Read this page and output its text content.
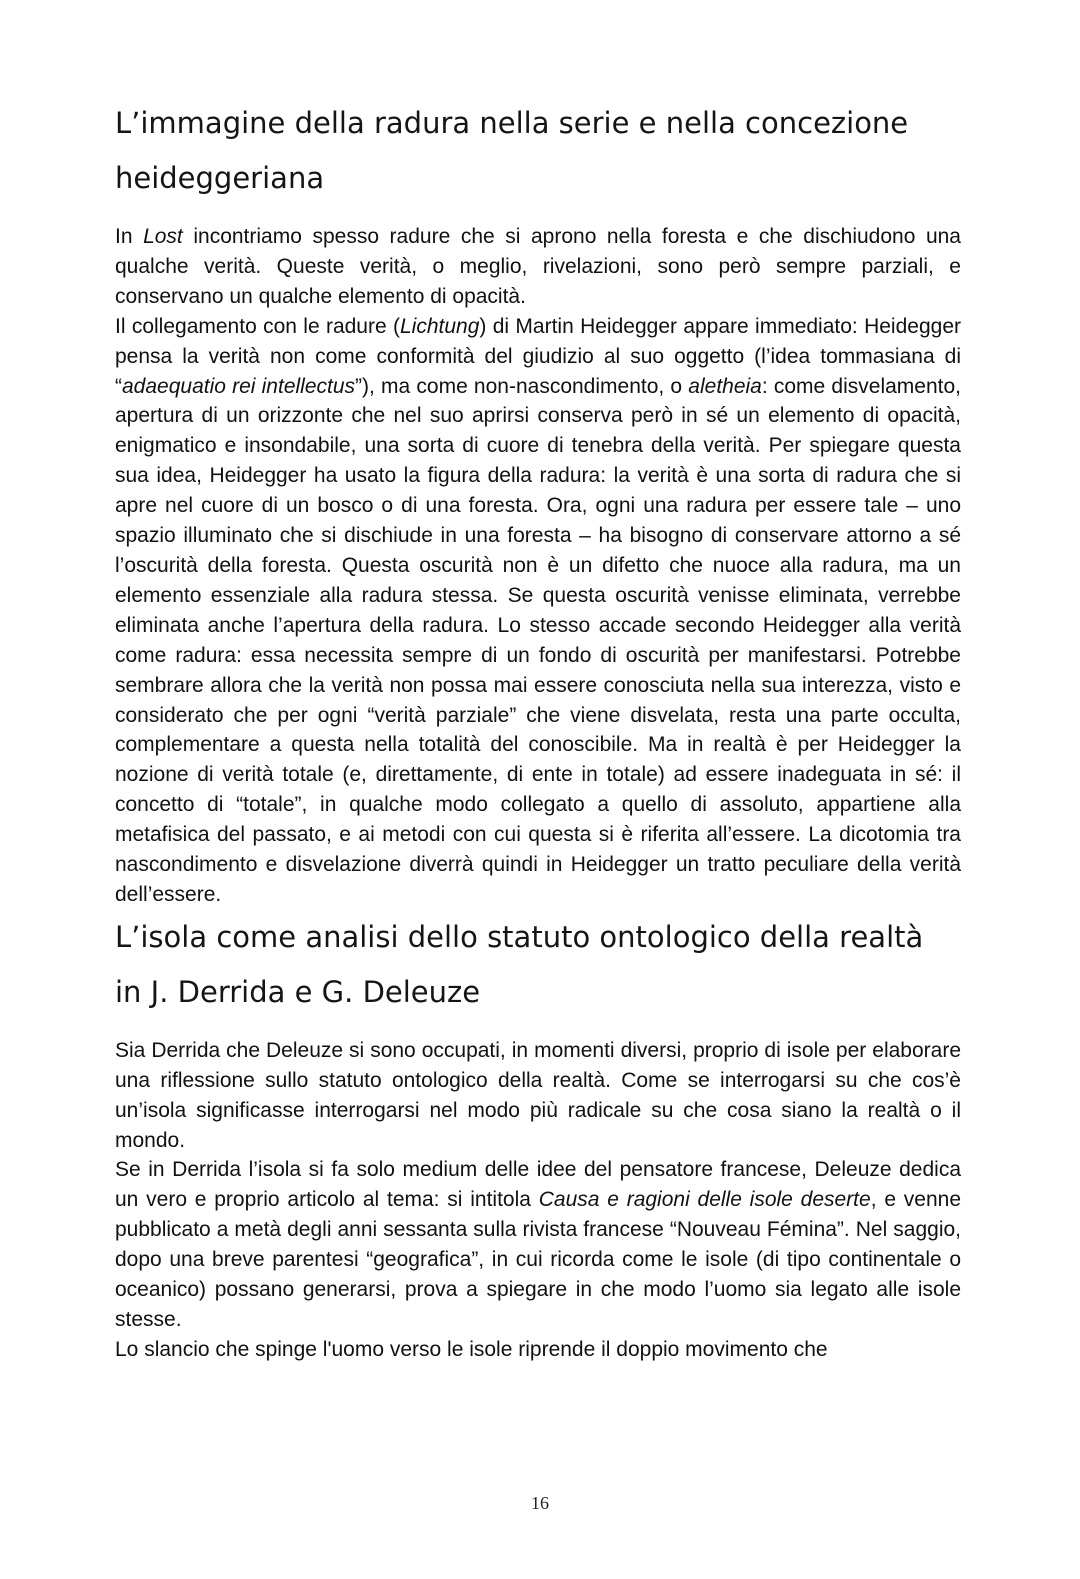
L’immagine della radura nella serie e nella concezione
heideggeriana

In Lost incontriamo spesso radure che si aprono nella foresta e che dischiudono una qualche verità. Queste verità, o meglio, rivelazioni, sono però sempre parziali, e conservano un qualche elemento di opacità.

Il collegamento con le radure (Lichtung) di Martin Heidegger appare immediato: Heidegger pensa la verità non come conformità del giudizio al suo oggetto (l’idea tommasiana di “adaequatio rei intellectus”), ma come non-nascondimento, o aletheia: come disvelamento, apertura di un orizzonte che nel suo aprirsi conserva però in sé un elemento di opacità, enigmatico e insondabile, una sorta di cuore di tenebra della verità. Per spiegare questa sua idea, Heidegger ha usato la figura della radura: la verità è una sorta di radura che si apre nel cuore di un bosco o di una foresta. Ora, ogni una radura per essere tale – uno spazio illuminato che si dischiude in una foresta – ha bisogno di conservare attorno a sé l’oscurità della foresta. Questa oscurità non è un difetto che nuoce alla radura, ma un elemento essenziale alla radura stessa. Se questa oscurità venisse eliminata, verrebbe eliminata anche l’apertura della radura. Lo stesso accade secondo Heidegger alla verità come radura: essa necessita sempre di un fondo di oscurità per manifestarsi. Potrebbe sembrare allora che la verità non possa mai essere conosciuta nella sua interezza, visto e considerato che per ogni “verità parziale” che viene disvelata, resta una parte occulta, complementare a questa nella totalità del conoscibile. Ma in realtà è per Heidegger la nozione di verità totale (e, direttamente, di ente in totale) ad essere inadeguata in sé: il concetto di “totale”, in qualche modo collegato a quello di assoluto, appartiene alla metafisica del passato, e ai metodi con cui questa si è riferita all’essere. La dicotomia tra nascondimento e disvelazione diverrà quindi in Heidegger un tratto peculiare della verità dell’essere.

L’isola come analisi dello statuto ontologico della realtà
in J. Derrida e G. Deleuze

Sia Derrida che Deleuze si sono occupati, in momenti diversi, proprio di isole per elaborare una riflessione sullo statuto ontologico della realtà. Come se interrogarsi su che cos’è un’isola significasse interrogarsi nel modo più radicale su che cosa siano la realtà o il mondo.

Se in Derrida l’isola si fa solo medium delle idee del pensatore francese, Deleuze dedica un vero e proprio articolo al tema: si intitola Causa e ragioni delle isole deserte, e venne pubblicato a metà degli anni sessanta sulla rivista francese “Nouveau Fémina”. Nel saggio, dopo una breve parentesi “geografica”, in cui ricorda come le isole (di tipo continentale o oceanico) possano generarsi, prova a spiegare in che modo l’uomo sia legato alle isole stesse.

Lo slancio che spinge l'uomo verso le isole riprende il doppio movimento che

16
